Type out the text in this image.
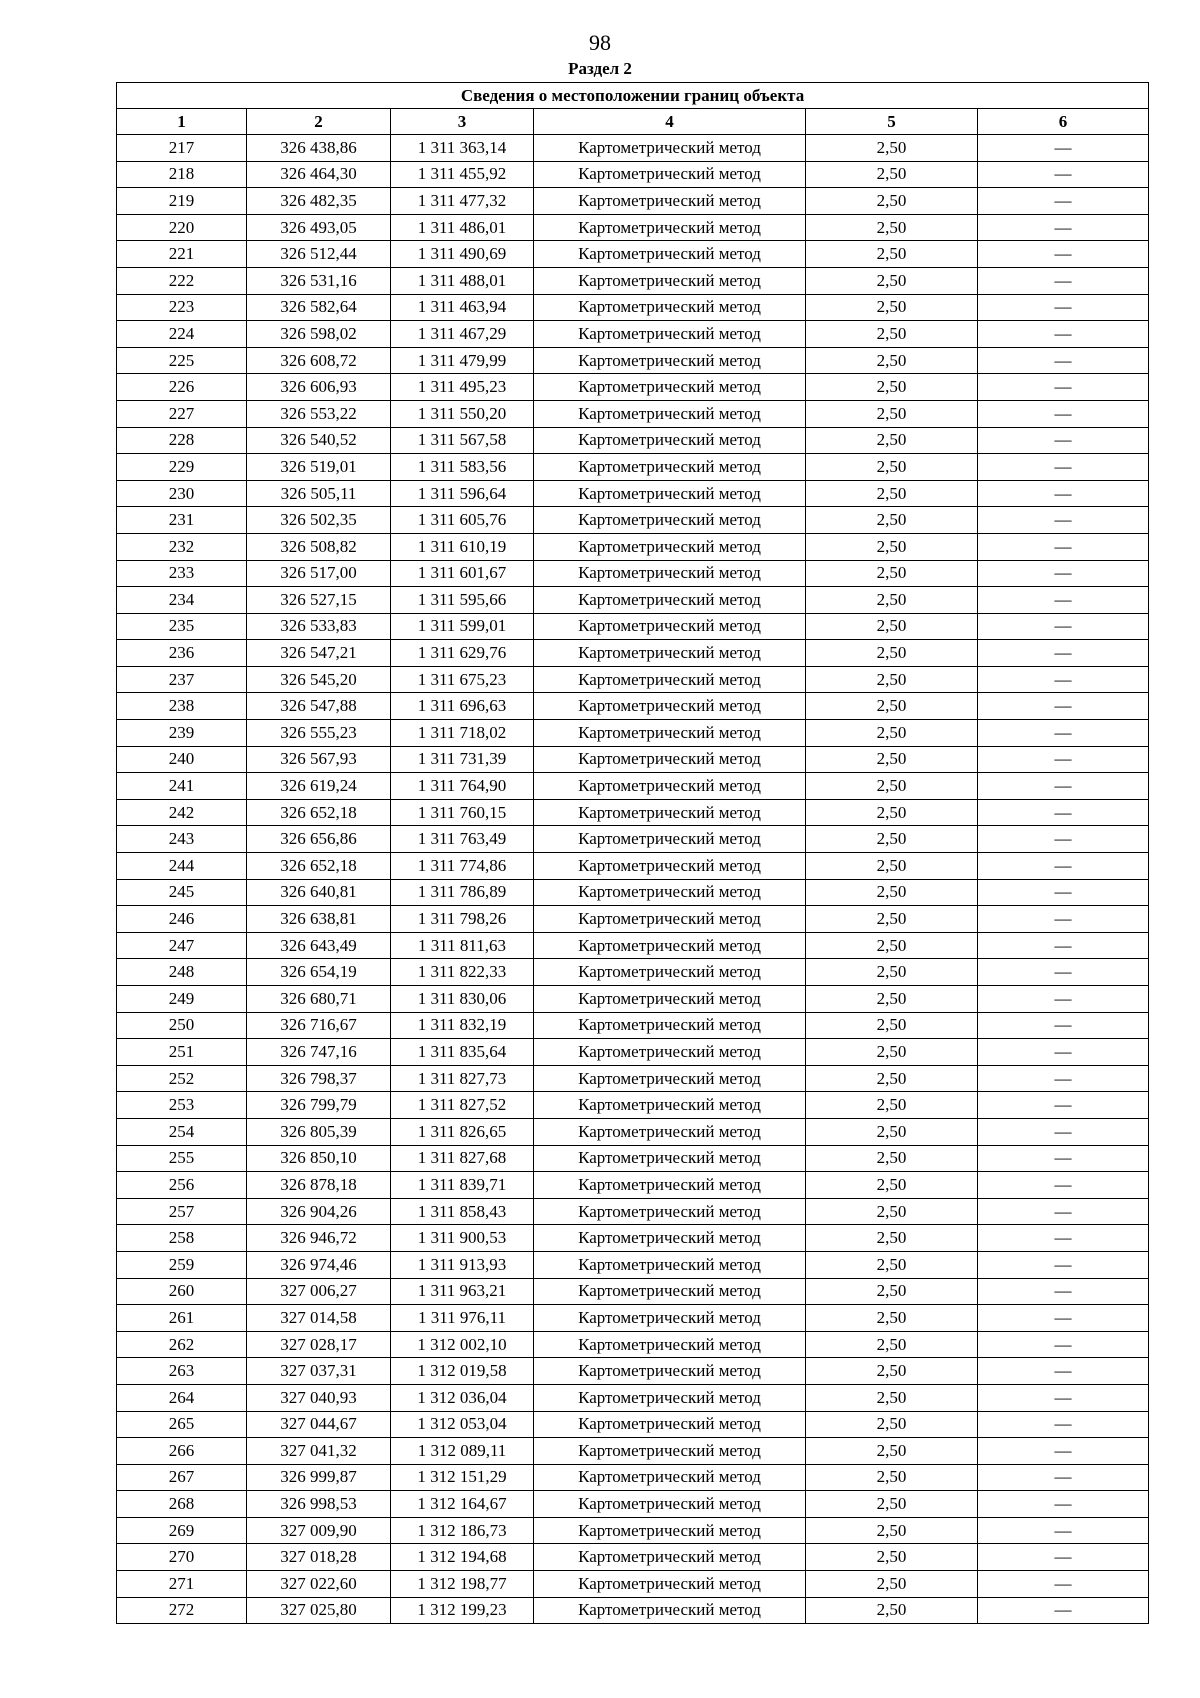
98
Раздел 2
Сведения о местоположении границ объекта					
1	2	3	4	5	6
217	326 438,86	1 311 363,14	Картометрический метод	2,50	—
218	326 464,30	1 311 455,92	Картометрический метод	2,50	—
219	326 482,35	1 311 477,32	Картометрический метод	2,50	—
220	326 493,05	1 311 486,01	Картометрический метод	2,50	—
221	326 512,44	1 311 490,69	Картометрический метод	2,50	—
222	326 531,16	1 311 488,01	Картометрический метод	2,50	—
223	326 582,64	1 311 463,94	Картометрический метод	2,50	—
224	326 598,02	1 311 467,29	Картометрический метод	2,50	—
225	326 608,72	1 311 479,99	Картометрический метод	2,50	—
226	326 606,93	1 311 495,23	Картометрический метод	2,50	—
227	326 553,22	1 311 550,20	Картометрический метод	2,50	—
228	326 540,52	1 311 567,58	Картометрический метод	2,50	—
229	326 519,01	1 311 583,56	Картометрический метод	2,50	—
230	326 505,11	1 311 596,64	Картометрический метод	2,50	—
231	326 502,35	1 311 605,76	Картометрический метод	2,50	—
232	326 508,82	1 311 610,19	Картометрический метод	2,50	—
233	326 517,00	1 311 601,67	Картометрический метод	2,50	—
234	326 527,15	1 311 595,66	Картометрический метод	2,50	—
235	326 533,83	1 311 599,01	Картометрический метод	2,50	—
236	326 547,21	1 311 629,76	Картометрический метод	2,50	—
237	326 545,20	1 311 675,23	Картометрический метод	2,50	—
238	326 547,88	1 311 696,63	Картометрический метод	2,50	—
239	326 555,23	1 311 718,02	Картометрический метод	2,50	—
240	326 567,93	1 311 731,39	Картометрический метод	2,50	—
241	326 619,24	1 311 764,90	Картометрический метод	2,50	—
242	326 652,18	1 311 760,15	Картометрический метод	2,50	—
243	326 656,86	1 311 763,49	Картометрический метод	2,50	—
244	326 652,18	1 311 774,86	Картометрический метод	2,50	—
245	326 640,81	1 311 786,89	Картометрический метод	2,50	—
246	326 638,81	1 311 798,26	Картометрический метод	2,50	—
247	326 643,49	1 311 811,63	Картометрический метод	2,50	—
248	326 654,19	1 311 822,33	Картометрический метод	2,50	—
249	326 680,71	1 311 830,06	Картометрический метод	2,50	—
250	326 716,67	1 311 832,19	Картометрический метод	2,50	—
251	326 747,16	1 311 835,64	Картометрический метод	2,50	—
252	326 798,37	1 311 827,73	Картометрический метод	2,50	—
253	326 799,79	1 311 827,52	Картометрический метод	2,50	—
254	326 805,39	1 311 826,65	Картометрический метод	2,50	—
255	326 850,10	1 311 827,68	Картометрический метод	2,50	—
256	326 878,18	1 311 839,71	Картометрический метод	2,50	—
257	326 904,26	1 311 858,43	Картометрический метод	2,50	—
258	326 946,72	1 311 900,53	Картометрический метод	2,50	—
259	326 974,46	1 311 913,93	Картометрический метод	2,50	—
260	327 006,27	1 311 963,21	Картометрический метод	2,50	—
261	327 014,58	1 311 976,11	Картометрический метод	2,50	—
262	327 028,17	1 312 002,10	Картометрический метод	2,50	—
263	327 037,31	1 312 019,58	Картометрический метод	2,50	—
264	327 040,93	1 312 036,04	Картометрический метод	2,50	—
265	327 044,67	1 312 053,04	Картометрический метод	2,50	—
266	327 041,32	1 312 089,11	Картометрический метод	2,50	—
267	326 999,87	1 312 151,29	Картометрический метод	2,50	—
268	326 998,53	1 312 164,67	Картометрический метод	2,50	—
269	327 009,90	1 312 186,73	Картометрический метод	2,50	—
270	327 018,28	1 312 194,68	Картометрический метод	2,50	—
271	327 022,60	1 312 198,77	Картометрический метод	2,50	—
272	327 025,80	1 312 199,23	Картометрический метод	2,50	—
